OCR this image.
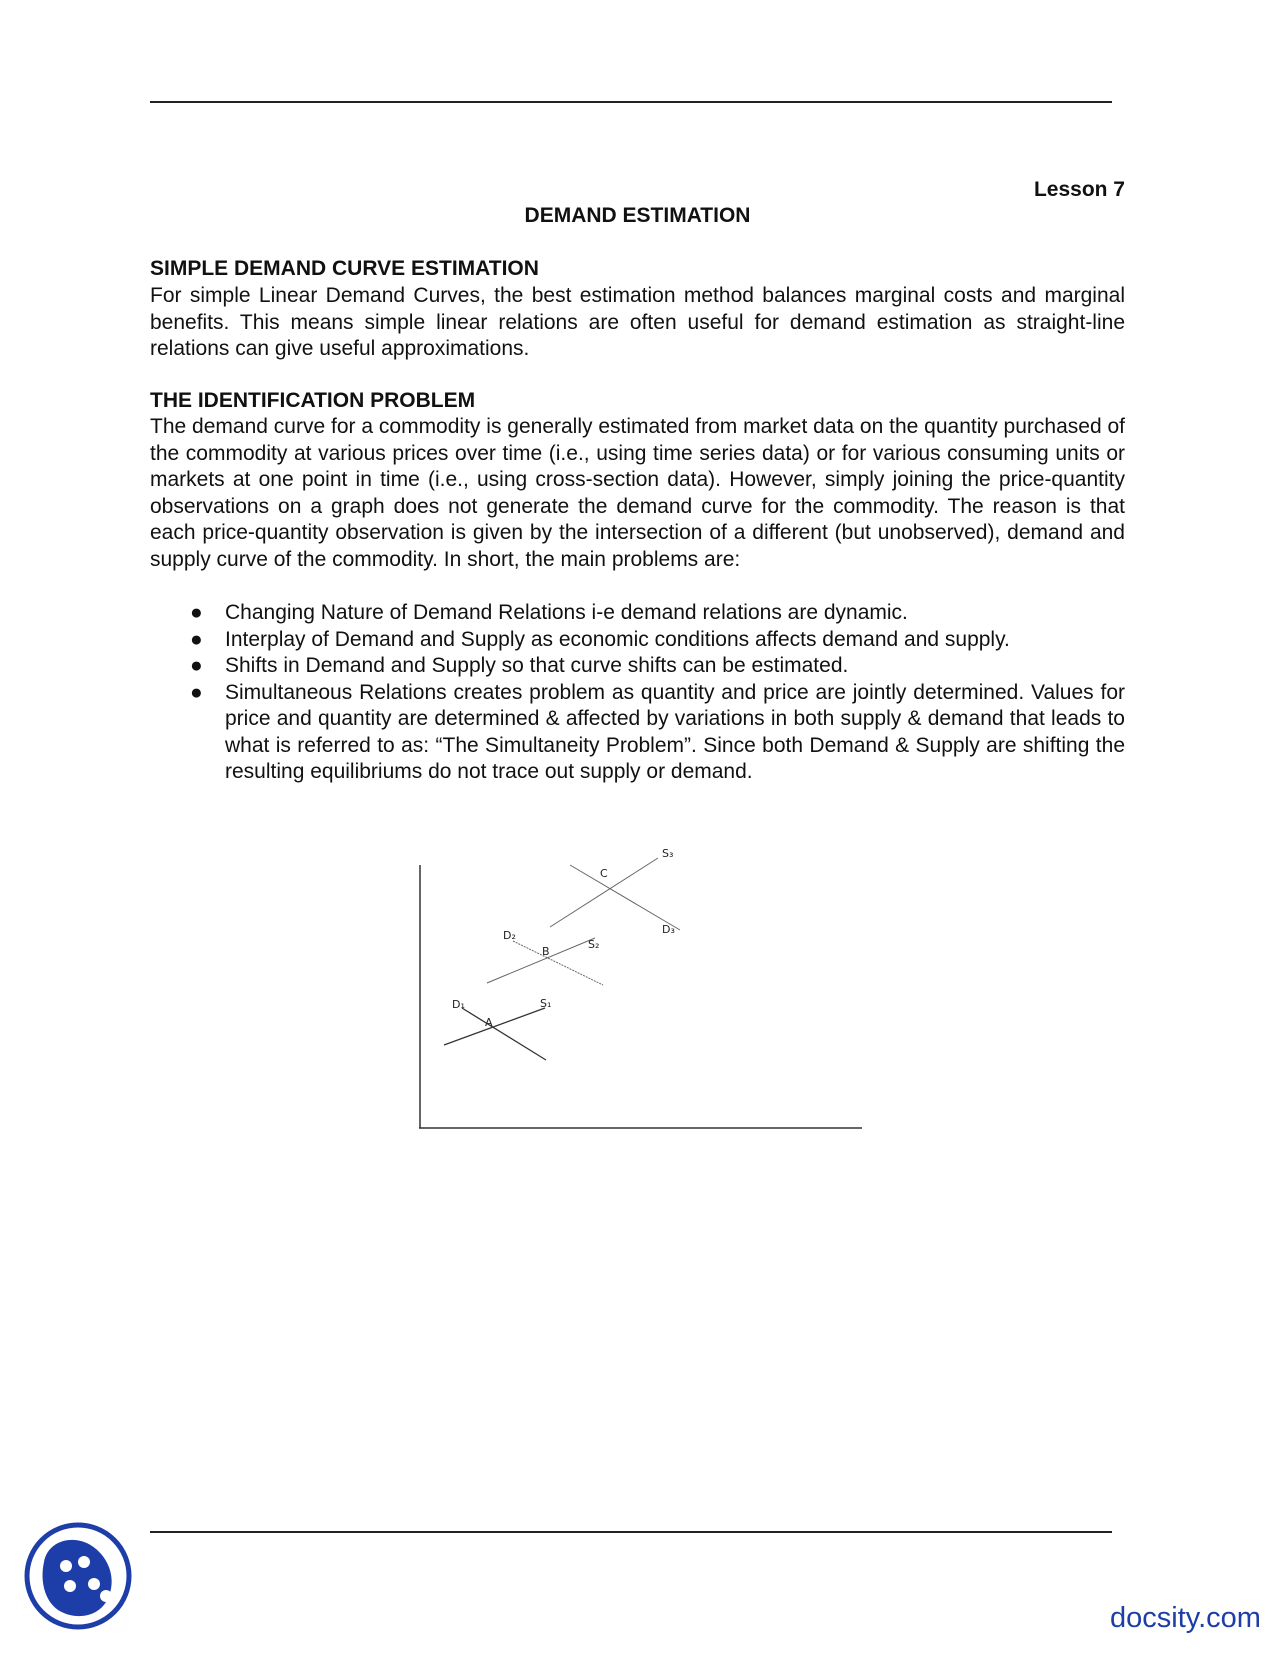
Lesson 7
DEMAND ESTIMATION
SIMPLE DEMAND CURVE ESTIMATION

For simple Linear Demand Curves, the best estimation method balances marginal costs and marginal benefits. This means simple linear relations are often useful for demand estimation as straight-line relations can give useful approximations.

THE IDENTIFICATION PROBLEM

The demand curve for a commodity is generally estimated from market data on the quantity purchased of the commodity at various prices over time (i.e., using time series data) or for various consuming units or markets at one point in time (i.e., using cross-section data). However, simply joining the price-quantity observations on a graph does not generate the demand curve for the commodity. The reason is that each price-quantity observation is given by the intersection of a different (but unobserved), demand and supply curve of the commodity. In short, the main problems are:

● Changing Nature of Demand Relations i-e demand relations are dynamic.
● Interplay of Demand and Supply as economic conditions affects demand and supply.
● Shifts in Demand and Supply so that curve shifts can be estimated.
● Simultaneous Relations creates problem as quantity and price are jointly determined. Values for price and quantity are determined & affected by variations in both supply & demand that leads to what is referred to as: “The Simultaneity Problem”. Since both Demand & Supply are shifting the resulting equilibriums do not trace out supply or demand.
S₃
C
D₃
D₂
B
S₂
D₁	S₁
A
docsity.com
